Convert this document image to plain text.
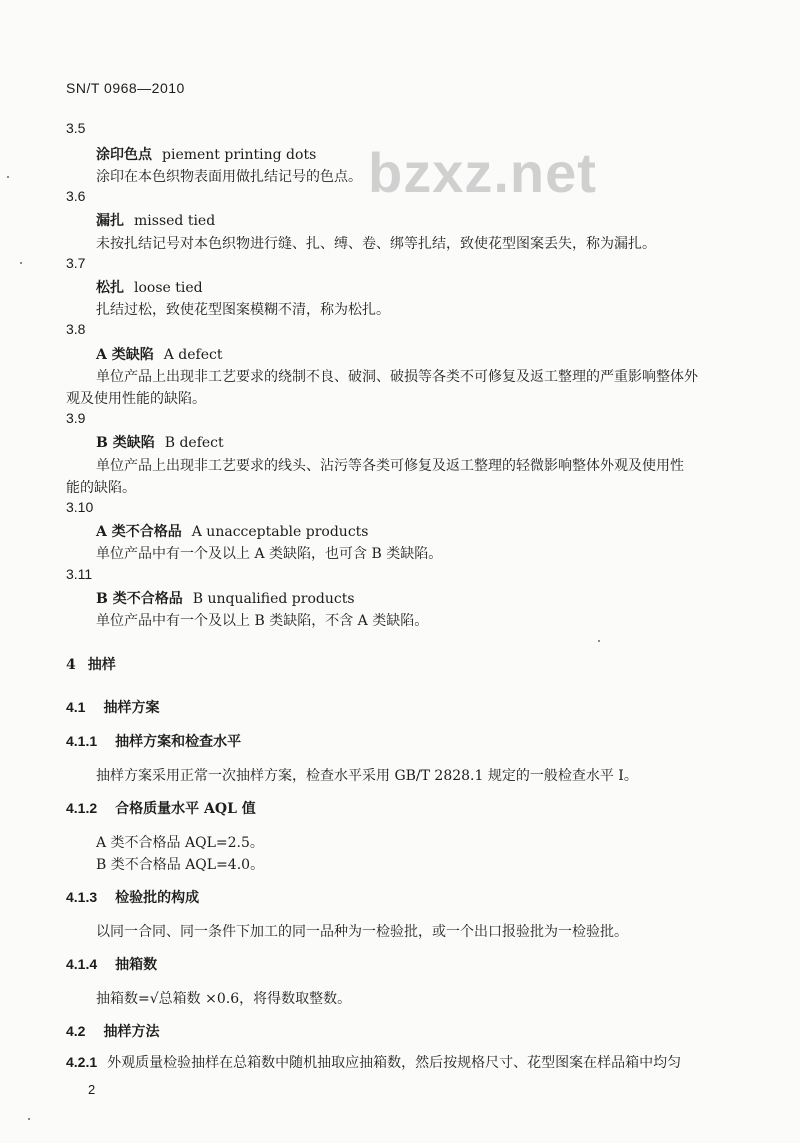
SN/T 0968—2010
bzxz.net
3.5
涂印色点 piement printing dots
涂印在本色织物表面用做扎结记号的色点。
3.6
漏扎 missed tied
未按扎结记号对本色织物进行缝、扎、缚、卷、绑等扎结，致使花型图案丢失，称为漏扎。
3.7
松扎 loose tied
扎结过松，致使花型图案模糊不清，称为松扎。
3.8
A 类缺陷 A defect
单位产品上出现非工艺要求的绕制不良、破洞、破损等各类不可修复及返工整理的严重影响整体外
观及使用性能的缺陷。
3.9
B 类缺陷 B defect
单位产品上出现非工艺要求的线头、沾污等各类可修复及返工整理的轻微影响整体外观及使用性
能的缺陷。
3.10
A 类不合格品 A unacceptable products
单位产品中有一个及以上 A 类缺陷，也可含 B 类缺陷。
3.11
B 类不合格品 B unqualified products
单位产品中有一个及以上 B 类缺陷，不含 A 类缺陷。
4 抽样
4.1 抽样方案
4.1.1 抽样方案和检查水平
抽样方案采用正常一次抽样方案，检查水平采用 GB/T 2828.1 规定的一般检查水平 Ⅰ。
4.1.2 合格质量水平 AQL 值
A 类不合格品 AQL=2.5。
B 类不合格品 AQL=4.0。
4.1.3 检验批的构成
以同一合同、同一条件下加工的同一品种为一检验批，或一个出口报验批为一检验批。
4.1.4 抽箱数
抽箱数=√总箱数 ×0.6，将得数取整数。
4.2 抽样方法
4.2.1 外观质量检验抽样在总箱数中随机抽取应抽箱数，然后按规格尺寸、花型图案在样品箱中均匀
2
